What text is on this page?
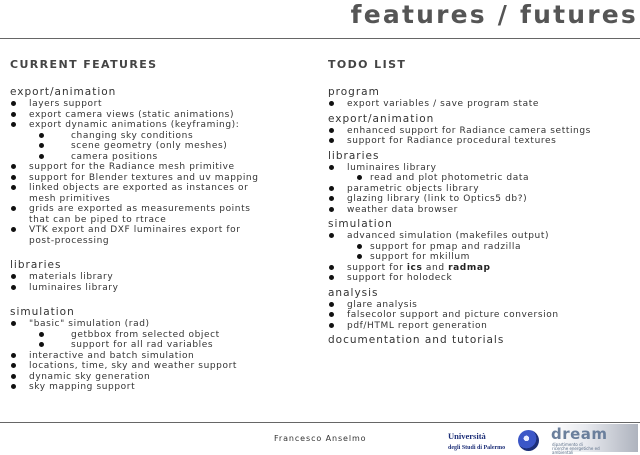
features / futures
CURRENT FEATURES
export/animation
layers support
export camera views (static animations)
export dynamic animations (keyframing):
changing sky conditions
scene geometry (only meshes)
camera positions
support for the Radiance mesh primitive
support for Blender textures and uv mapping
linked objects are exported as instances or
mesh primitives
grids are exported as measurements points
that can be piped to rtrace
VTK export and DXF luminaires export for
post-processing
libraries
materials library
luminaires library
simulation
"basic" simulation (rad)
getbbox from selected object
support for all rad variables
interactive and batch simulation
locations, time, sky and weather support
dynamic sky generation
sky mapping support
TODO LIST
program
export variables / save program state
export/animation
enhanced support for Radiance camera settings
support for Radiance procedural textures
libraries
luminaires library
read and plot photometric data
parametric objects library
glazing library (link to Optics5 db?)
weather data browser
simulation
advanced simulation (makefiles output)
support for pmap and radzilla
support for mkillum
support for ics and radmap
support for holodeck
analysis
glare analysis
falsecolor support and picture conversion
pdf/HTML report generation
documentation and tutorials
Francesco Anselmo	Università
degli Studi di Palermo
dream
dipartimento di ricerche energetiche ed ambientali
